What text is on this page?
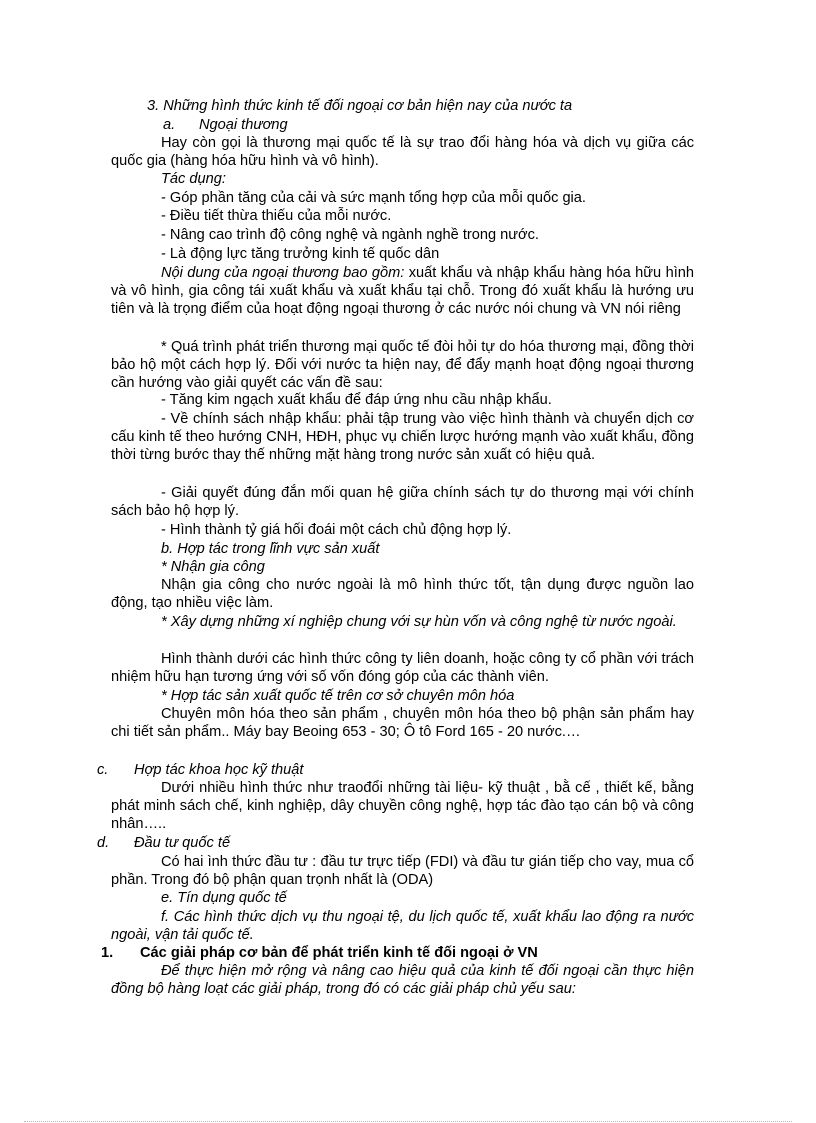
3. Những hình thức kinh tế đối ngoại cơ bản hiện nay của nước ta

a. Ngoại thương

Hay còn gọi là thương mại quốc tế là sự trao đổi hàng hóa và dịch vụ giữa các quốc gia (hàng hóa hữu hình và vô hình).

Tác dụng:

- Góp phần tăng của cải và sức mạnh tổng hợp của mỗi quốc gia.

- Điều tiết thừa thiếu của mỗi nước.

- Nâng cao trình độ công nghệ và ngành nghề trong nước.

- Là động lực tăng trưởng kinh tế quốc dân

Nội dung của ngoại thương bao gồm: xuất khẩu và nhập khẩu hàng hóa hữu hình và vô hình, gia công tái xuất khẩu và xuất khẩu tại chỗ. Trong đó xuất khẩu là hướng ưu tiên và là trọng điểm của hoạt động ngoại thương ở các nước nói chung và VN nói riêng

* Quá trình phát triển thương mại quốc tế đòi hỏi tự do hóa thương mại, đồng thời bảo hộ một cách hợp lý. Đối với nước ta hiện nay, để đẩy mạnh hoạt động ngoại thương cần hướng vào giải quyết các vấn đề sau:

- Tăng kim ngạch xuất khẩu để đáp ứng nhu cầu nhập khẩu.

- Về chính sách nhập khẩu: phải tập trung vào việc hình thành và chuyển dịch cơ cấu kinh tế theo hướng CNH, HĐH, phục vụ chiến lược hướng mạnh vào xuất khẩu, đồng thời từng bước thay thế những mặt hàng trong nước sản xuất có hiệu quả.

- Giải quyết đúng đắn mối quan hệ giữa chính sách tự do thương mại với chính sách bảo hộ hợp lý.

- Hình thành tỷ giá hối đoái một cách chủ động hợp lý.

b. Hợp tác trong lĩnh vực sản xuất

* Nhận gia công

Nhận gia công cho nước ngoài là mô hình thức tốt, tận dụng được nguồn lao động, tạo nhiều việc làm.

* Xây dựng những xí nghiệp chung với sự hùn vốn và công nghệ từ nước ngoài.

Hình thành dưới các hình thức công ty liên doanh, hoặc công ty cổ phần với trách nhiệm hữu hạn tương ứng với số vốn đóng góp của các thành viên.

* Hợp tác sản xuất quốc tế trên cơ sở chuyên môn hóa

Chuyên môn hóa theo sản phẩm , chuyên môn hóa theo bộ phận sản phẩm hay chi tiết sản phẩm.. Máy bay Beoing 653 - 30; Ô tô Ford 165 - 20 nước.…

c. Hợp tác khoa học kỹ thuật

Dưới nhiều hình thức như traođổi những tài liệu- kỹ thuật , bằ cế , thiết kế, bằng phát minh sách chế, kinh nghiệp, dây chuyền công nghệ, hợp tác đào tạo cán bộ và công nhân…..

d. Đầu tư quốc tế

Có hai ình thức đầu tư : đầu tư trực tiếp (FDI) và đầu tư gián tiếp cho vay, mua cổ phần. Trong đó bộ phận quan trọnh nhất là (ODA)

e. Tín dụng quốc tế

f. Các hình thức dịch vụ thu ngoại tệ, du lịch quốc tế, xuất khẩu lao động ra nước ngoài, vận tải quốc tế.

1. Các giải pháp cơ bản để phát triển kinh tế đối ngoại ở VN

Để thực hiện mở rộng và nâng cao hiệu quả của kinh tế đối ngoại cần thực hiện đồng bộ hàng loạt các giải pháp, trong đó có các giải pháp chủ yếu sau:
